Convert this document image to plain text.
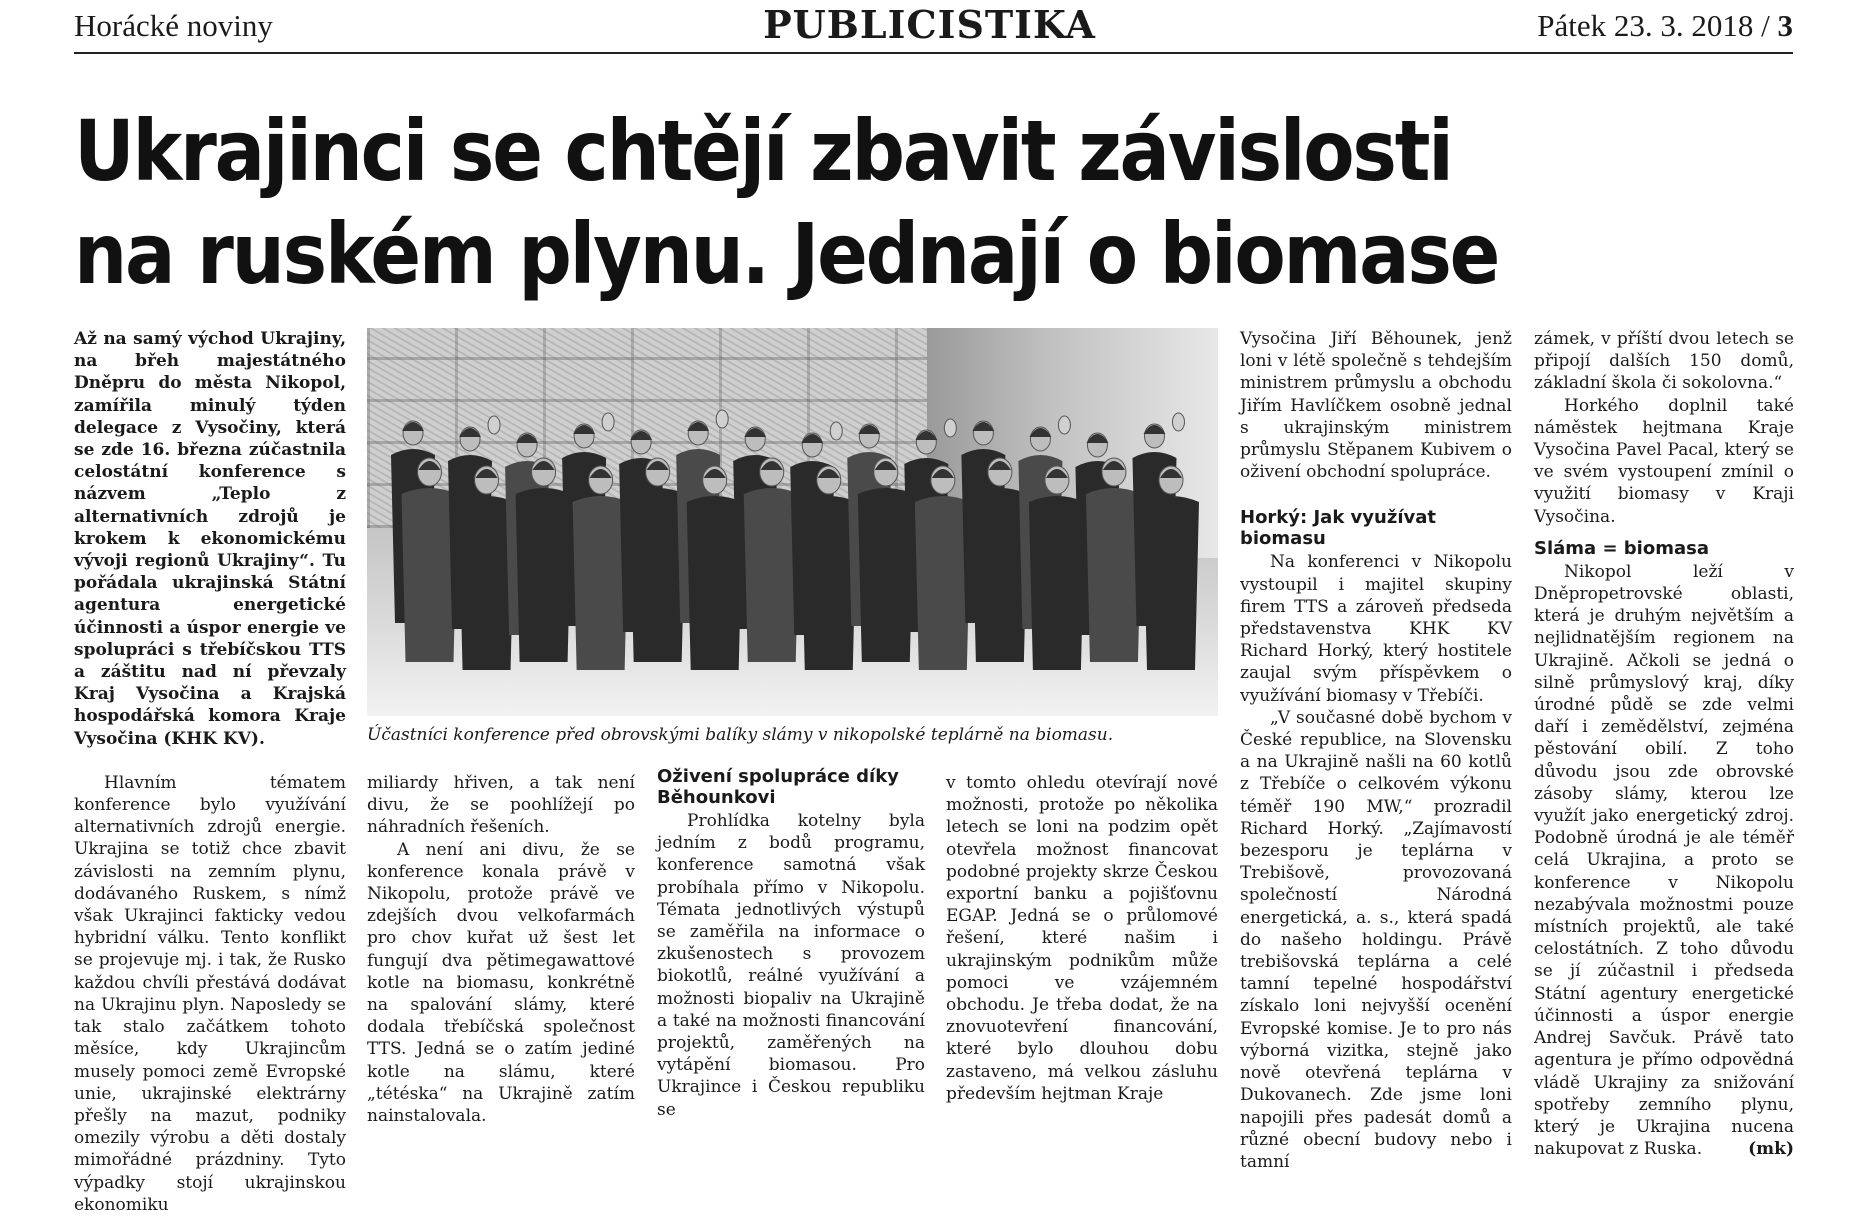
Horácké noviny	PUBLICISTIKA	Pátek 23. 3. 2018 / 3
Ukrajinci se chtějí zbavit závislosti
na ruském plynu. Jednají o biomase
Až na samý východ Ukrajiny, na břeh majestátného Dněpru do města Nikopol, zamířila minulý týden delegace z Vysočiny, která se zde 16. března zúčastnila celostátní konference s názvem „Teplo z alternativních zdrojů je krokem k ekonomickému vývoji regionů Ukrajiny“. Tu pořádala ukrajinská Státní agentura energetické účinnosti a úspor energie ve spolupráci s třebíčskou TTS a záštitu nad ní převzaly Kraj Vysočina a Krajská hospodářská komora Kraje Vysočina (KHK KV).

Hlavním tématem konference bylo využívání alternativních zdrojů energie. Ukrajina se totiž chce zbavit závislosti na zemním plynu, dodávaného Ruskem, s nímž však Ukrajinci fakticky vedou hybridní válku. Tento konflikt se projevuje mj. i tak, že Rusko každou chvíli přestává dodávat na Ukrajinu plyn. Naposledy se tak stalo začátkem tohoto měsíce, kdy Ukrajincům musely pomoci země Evropské unie, ukrajinské elektrárny přešly na mazut, podniky omezily výrobu a děti dostaly mimořádné prázdniny. Tyto výpadky stojí ukrajinskou ekonomiku

Účastníci konference před obrovskými balíky slámy v nikopolské teplárně na biomasu.

miliardy hřiven, a tak není divu, že se poohlížejí po náhradních řešeních.

A není ani divu, že se konference konala právě v Nikopolu, protože právě ve zdejších dvou velkofarmách pro chov kuřat už šest let fungují dva pětimegawattové kotle na biomasu, konkrétně na spalování slámy, které dodala třebíčská společnost TTS. Jedná se o zatím jediné kotle na slámu, které „tétéska“ na Ukrajině zatím nainstalovala.

Oživení spolupráce díky Běhounkovi

Prohlídka kotelny byla jedním z bodů programu, konference samotná však probíhala přímo v Nikopolu. Témata jednotlivých výstupů se zaměřila na informace o zkušenostech s provozem biokotlů, reálné využívání a možnosti biopaliv na Ukrajině a také na možnosti financování projektů, zaměřených na vytápění biomasou. Pro Ukrajince i Českou republiku se

v tomto ohledu otevírají nové možnosti, protože po několika letech se loni na podzim opět otevřela možnost financovat podobné projekty skrze Českou exportní banku a pojišťovnu EGAP. Jedná se o průlomové řešení, které našim i ukrajinským podnikům může pomoci ve vzájemném obchodu. Je třeba dodat, že na znovuotevření financování, které bylo dlouhou dobu zastaveno, má velkou zásluhu především hejtman Kraje

Vysočina Jiří Běhounek, jenž loni v létě společně s tehdejším ministrem průmyslu a obchodu Jiřím Havlíčkem osobně jednal s ukrajinským ministrem průmyslu Stěpanem Kubivem o oživení obchodní spolupráce.

Horký: Jak využívat biomasu

Na konferenci v Nikopolu vystoupil i majitel skupiny firem TTS a zároveň předseda představenstva KHK KV Richard Horký, který hostitele zaujal svým příspěvkem o využívání biomasy v Třebíči.

„V současné době bychom v České republice, na Slovensku a na Ukrajině našli na 60 kotlů z Třebíče o celkovém výkonu téměř 190 MW,“ prozradil Richard Horký. „Zajímavostí bezesporu je teplárna v Trebišově, provozovaná společností Národná energetická, a. s., která spadá do našeho holdingu. Právě trebišovská teplárna a celé tamní tepelné hospodářství získalo loni nejvyšší ocenění Evropské komise. Je to pro nás výborná vizitka, stejně jako nově otevřená teplárna v Dukovanech. Zde jsme loni napojili přes padesát domů a různé obecní budovy nebo i tamní

zámek, v příští dvou letech se připojí dalších 150 domů, základní škola či sokolovna.“

Horkého doplnil také náměstek hejtmana Kraje Vysočina Pavel Pacal, který se ve svém vystoupení zmínil o využití biomasy v Kraji Vysočina.

Sláma = biomasa

Nikopol leží v Dněpropetrovské oblasti, která je druhým největším a nejlidnatějším regionem na Ukrajině. Ačkoli se jedná o silně průmyslový kraj, díky úrodné půdě se zde velmi daří i zemědělství, zejména pěstování obilí. Z toho důvodu jsou zde obrovské zásoby slámy, kterou lze využít jako energetický zdroj. Podobně úrodná je ale téměř celá Ukrajina, a proto se konference v Nikopolu nezabývala možnostmi pouze místních projektů, ale také celostátních. Z toho důvodu se jí zúčastnil i předseda Státní agentury energetické účinnosti a úspor energie Andrej Savčuk. Právě tato agentura je přímo odpovědná vládě Ukrajiny za snižování spotřeby zemního plynu, který je Ukrajina nucena nakupovat z Ruska.	(mk)
